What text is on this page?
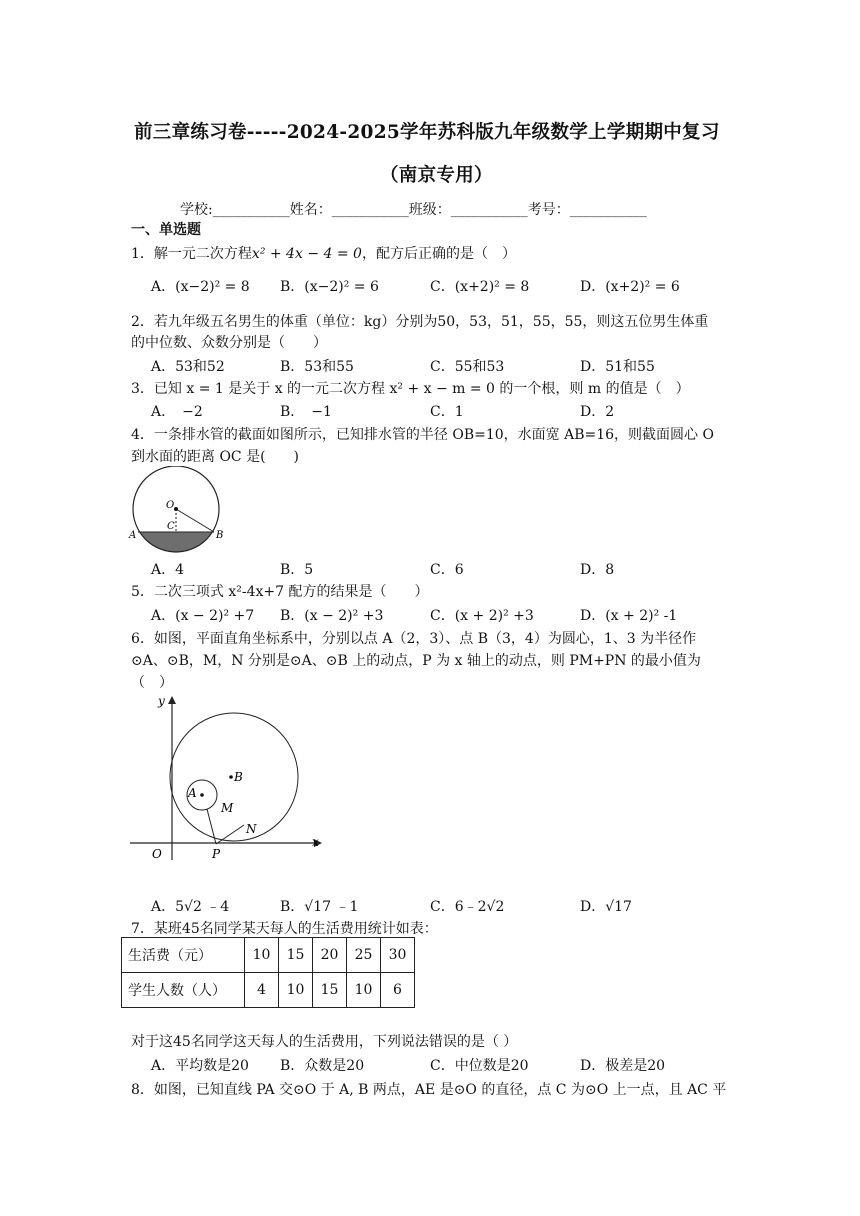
前三章练习卷-----2024-2025学年苏科版九年级数学上学期期中复习
（南京专用）
学校:___________姓名：___________班级：___________考号：___________
一、单选题
1．解一元二次方程x² + 4x − 4 = 0，配方后正确的是（　）
A．(x−2)² = 8 B．(x−2)² = 6	C．(x+2)² = 8	D．(x+2)² = 6
2．若九年级五名男生的体重（单位：kg）分别为50，53，51，55，55，则这五位男生体重
的中位数、众数分别是（　　）
A．53和52	B．53和55	C．55和53	D．51和55
3．已知 x = 1 是关于 x 的一元二次方程 x² + x − m = 0 的一个根，则 m 的值是（　）
A．　−2	B．　−1	C．1	D．2
4．一条排水管的截面如图所示，已知排水管的半径 OB=10，水面宽 AB=16，则截面圆心 O
到水面的距离 OC 是(　　)
O
C
A	B
A．4	B．5	C．6	D．8
5．二次三项式 x²-4x+7 配方的结果是（　　）
A．(x − 2)² +7 B．(x − 2)² +3	C．(x + 2)² +3	D．(x + 2)² -1
6．如图，平面直角坐标系中，分别以点 A（2，3）、点 B（3，4）为圆心，1、3 为半径作
⊙A、⊙B，M，N 分别是⊙A、⊙B 上的动点，P 为 x 轴上的动点，则 PM+PN 的最小值为
（　）
y
x
O
A
B
M
N
P
A．5√2 ﹣4	B．√17 ﹣1	C．6﹣2√2	D．√17
7．某班45名同学某天每人的生活费用统计如表：
生活费（元）	10	15	20	25	30
学生人数（人）	4	10	15	10	6
对于这45名同学这天每人的生活费用，下列说法错误的是（ ）
A．平均数是20 B．众数是20	C．中位数是20	D．极差是20
8．如图，已知直线 PA 交⊙O 于 A, B 两点，AE 是⊙O 的直径，点 C 为⊙O 上一点，且 AC 平
